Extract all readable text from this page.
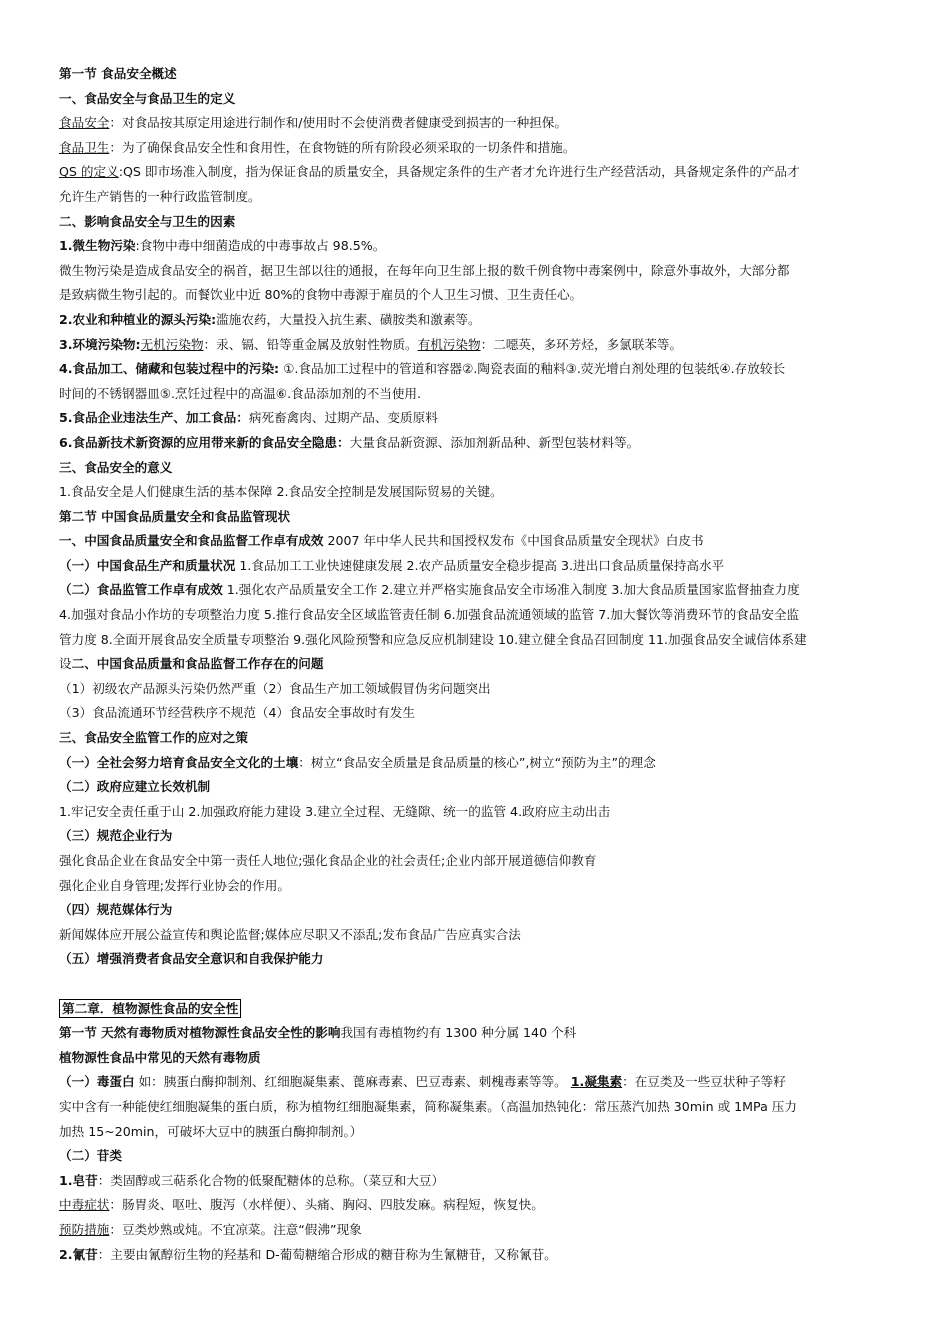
第一节 食品安全概述
一、食品安全与食品卫生的定义
食品安全：对食品按其原定用途进行制作和/使用时不会使消费者健康受到损害的一种担保。
食品卫生：为了确保食品安全性和食用性，在食物链的所有阶段必须采取的一切条件和措施。
QS 的定义:QS 即市场准入制度，指为保证食品的质量安全，具备规定条件的生产者才允许进行生产经营活动，具备规定条件的产品才
允许生产销售的一种行政监管制度。
二、影响食品安全与卫生的因素
1.微生物污染:食物中毒中细菌造成的中毒事故占 98.5%。
微生物污染是造成食品安全的祸首，据卫生部以往的通报，在每年向卫生部上报的数千例食物中毒案例中，除意外事故外，大部分都
是致病微生物引起的。而餐饮业中近 80%的食物中毒源于雇员的个人卫生习惯、卫生责任心。
2.农业和种植业的源头污染:滥施农药，大量投入抗生素、磺胺类和激素等。
3.环境污染物:无机污染物：汞、镉、铅等重金属及放射性物质。有机污染物：二噁英，多环芳烃，多氯联苯等。
4.食品加工、储藏和包装过程中的污染: ①.食品加工过程中的管道和容器②.陶瓷表面的釉料③.荧光增白剂处理的包装纸④.存放较长
时间的不锈钢器皿⑤.烹饪过程中的高温⑥.食品添加剂的不当使用.
5.食品企业违法生产、加工食品：病死畜禽肉、过期产品、变质原料
6.食品新技术新资源的应用带来新的食品安全隐患：大量食品新资源、添加剂新品种、新型包装材料等。
三、食品安全的意义
1.食品安全是人们健康生活的基本保障 2.食品安全控制是发展国际贸易的关键。
第二节 中国食品质量安全和食品监管现状
一、中国食品质量安全和食品监督工作卓有成效 2007 年中华人民共和国授权发布《中国食品质量安全现状》白皮书
（一）中国食品生产和质量状况 1.食品加工工业快速健康发展 2.农产品质量安全稳步提高 3.进出口食品质量保持高水平
（二）食品监管工作卓有成效 1.强化农产品质量安全工作 2.建立并严格实施食品安全市场准入制度 3.加大食品质量国家监督抽查力度
4.加强对食品小作坊的专项整治力度 5.推行食品安全区域监管责任制 6.加强食品流通领域的监管 7.加大餐饮等消费环节的食品安全监
管力度 8.全面开展食品安全质量专项整治 9.强化风险预警和应急反应机制建设 10.建立健全食品召回制度 11.加强食品安全诚信体系建
设二、中国食品质量和食品监督工作存在的问题
（1）初级农产品源头污染仍然严重（2）食品生产加工领域假冒伪劣问题突出
（3）食品流通环节经营秩序不规范（4）食品安全事故时有发生
三、食品安全监管工作的应对之策
（一）全社会努力培育食品安全文化的土壤：树立“食品安全质量是食品质量的核心”,树立“预防为主”的理念
（二）政府应建立长效机制
1.牢记安全责任重于山 2.加强政府能力建设 3.建立全过程、无缝隙、统一的监管 4.政府应主动出击
（三）规范企业行为
强化食品企业在食品安全中第一责任人地位;强化食品企业的社会责任;企业内部开展道德信仰教育
强化企业自身管理;发挥行业协会的作用。
（四）规范媒体行为
新闻媒体应开展公益宣传和舆论监督;媒体应尽职又不添乱;发布食品广告应真实合法
（五）增强消费者食品安全意识和自我保护能力
第二章．植物源性食品的安全性
第一节 天然有毒物质对植物源性食品安全性的影响我国有毒植物约有 1300 种分属 140 个科
植物源性食品中常见的天然有毒物质
（一）毒蛋白 如：胰蛋白酶抑制剂、红细胞凝集素、蓖麻毒素、巴豆毒素、刺槐毒素等等。 1.凝集素：在豆类及一些豆状种子等籽
实中含有一种能使红细胞凝集的蛋白质，称为植物红细胞凝集素，简称凝集素。（高温加热钝化：常压蒸汽加热 30min 或 1MPa 压力
加热 15~20min，可破坏大豆中的胰蛋白酶抑制剂。）
（二）苷类
1.皂苷：类固醇或三萜系化合物的低聚配糖体的总称。（菜豆和大豆）
中毒症状：肠胃炎、呕吐、腹泻（水样便）、头痛、胸闷、四肢发麻。病程短，恢复快。
预防措施：豆类炒熟或炖。不宜凉菜。注意“假沸”现象
2.氰苷：主要由氰醇衍生物的羟基和 D-葡萄糖缩合形成的糖苷称为生氰糖苷，又称氰苷。
